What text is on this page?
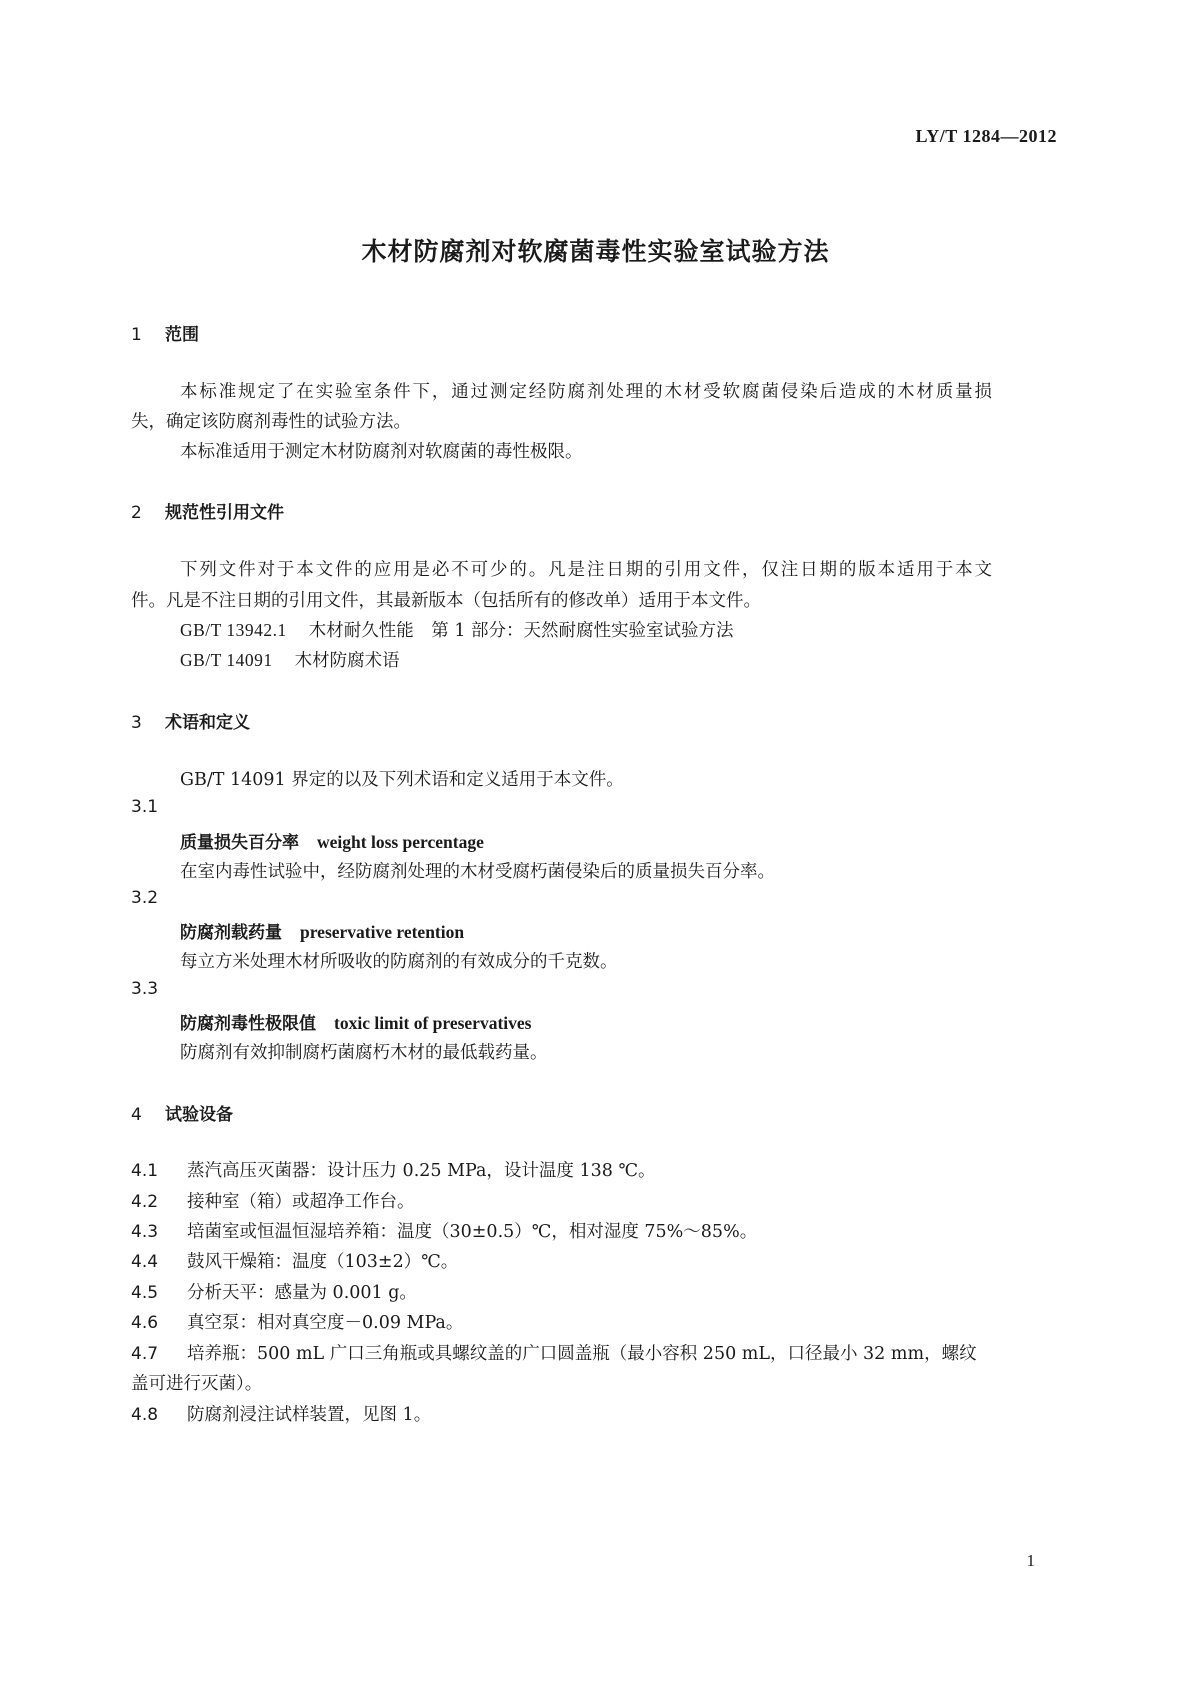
LY/T 1284—2012
木材防腐剂对软腐菌毒性实验室试验方法
1 范围
本标准规定了在实验室条件下，通过测定经防腐剂处理的木材受软腐菌侵染后造成的木材质量损
失，确定该防腐剂毒性的试验方法。
本标准适用于测定木材防腐剂对软腐菌的毒性极限。
2 规范性引用文件
下列文件对于本文件的应用是必不可少的。凡是注日期的引用文件，仅注日期的版本适用于本文
件。凡是不注日期的引用文件，其最新版本（包括所有的修改单）适用于本文件。
GB/T 13942.1 木材耐久性能　第 1 部分：天然耐腐性实验室试验方法
GB/T 14091 木材防腐术语
3 术语和定义
GB/T 14091 界定的以及下列术语和定义适用于本文件。
3.1
质量损失百分率 weight loss percentage
在室内毒性试验中，经防腐剂处理的木材受腐朽菌侵染后的质量损失百分率。
3.2
防腐剂载药量 preservative retention
每立方米处理木材所吸收的防腐剂的有效成分的千克数。
3.3
防腐剂毒性极限值 toxic limit of preservatives
防腐剂有效抑制腐朽菌腐朽木材的最低载药量。
4 试验设备
4.1 蒸汽高压灭菌器：设计压力 0.25 MPa，设计温度 138 ℃。
4.2 接种室（箱）或超净工作台。
4.3 培菌室或恒温恒湿培养箱：温度（30±0.5）℃，相对湿度 75%～85%。
4.4 鼓风干燥箱：温度（103±2）℃。
4.5 分析天平：感量为 0.001 g。
4.6 真空泵：相对真空度－0.09 MPa。
4.7 培养瓶：500 mL 广口三角瓶或具螺纹盖的广口圆盖瓶（最小容积 250 mL，口径最小 32 mm，螺纹
盖可进行灭菌）。
4.8 防腐剂浸注试样装置，见图 1。
1
